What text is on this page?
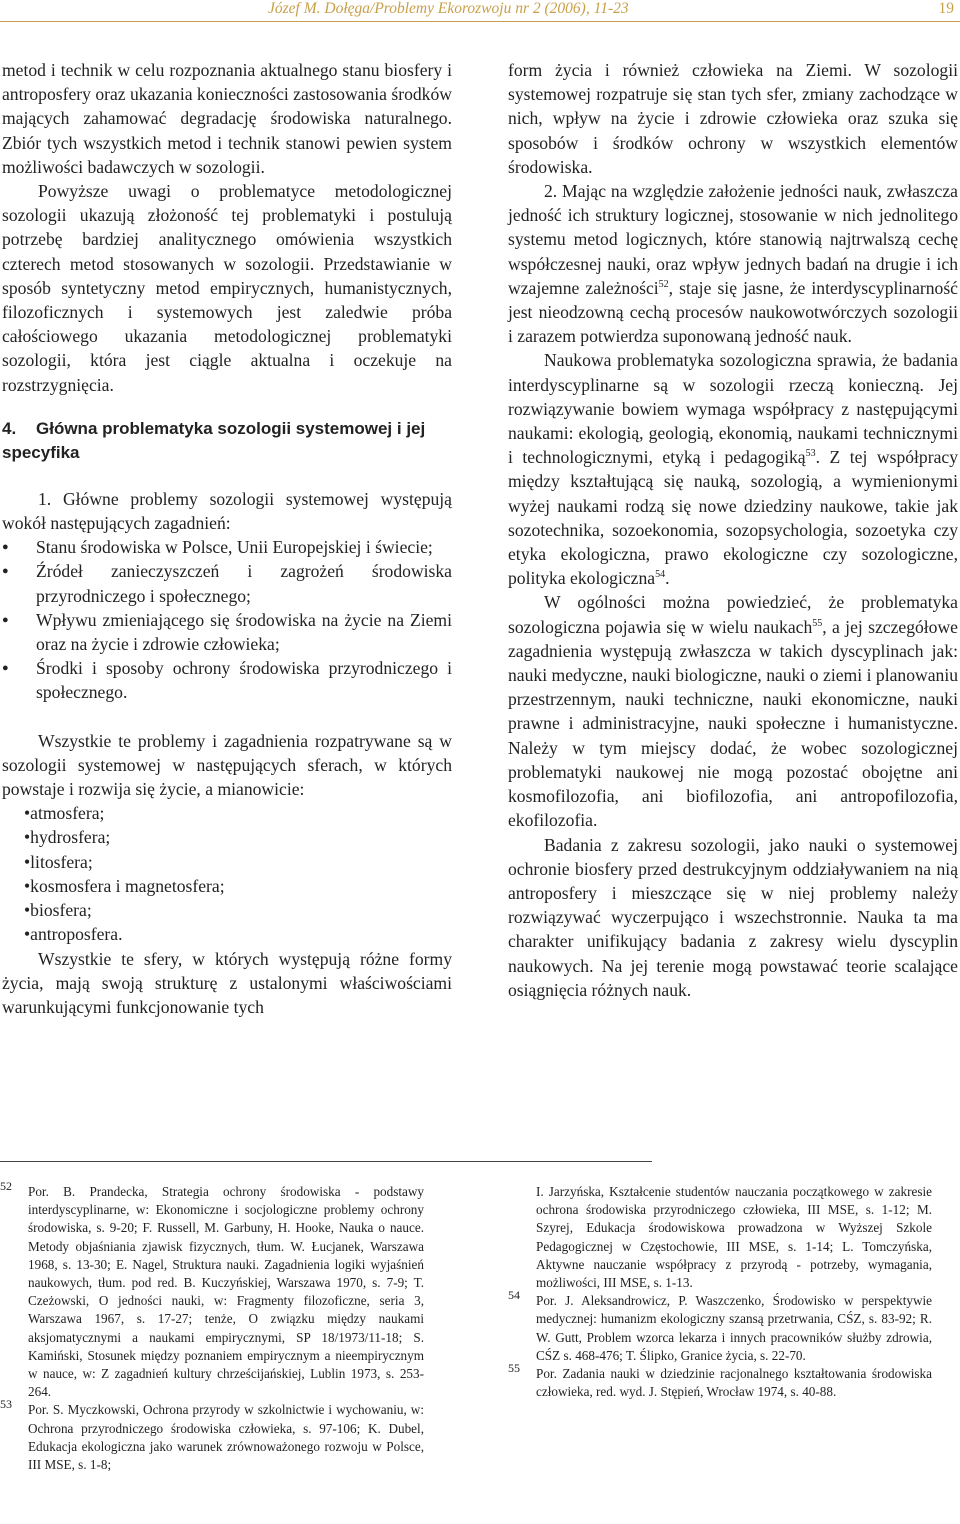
Józef M. Dołęga/Problemy Ekorozwoju nr 2 (2006), 11-23	19

metod i technik w celu rozpoznania aktualnego stanu biosfery i antroposfery oraz ukazania konieczności zastosowania środków mających zahamować degradację środowiska naturalnego. Zbiór tych wszystkich metod i technik stanowi pewien system możliwości badawczych w sozologii.

Powyższe uwagi o problematyce metodologicznej sozologii ukazują złożoność tej problematyki i postulują potrzebę bardziej analitycznego omówienia wszystkich czterech metod stosowanych w sozologii. Przedstawianie w sposób syntetyczny metod empirycznych, humanistycznych, filozoficznych i systemowych jest zaledwie próba całościowego ukazania metodologicznej problematyki sozologii, która jest ciągle aktualna i oczekuje na rozstrzygnięcia.

4. Główna problematyka sozologii systemowej i jej specyfika

1. Główne problemy sozologii systemowej występują wokół następujących zagadnień:

● Stanu środowiska w Polsce, Unii Europejskiej i świecie;
● Źródeł zanieczyszczeń i zagrożeń środowiska przyrodniczego i społecznego;
● Wpływu zmieniającego się środowiska na życie na Ziemi oraz na życie i zdrowie człowieka;
● Środki i sposoby ochrony środowiska przyrodniczego i społecznego.

Wszystkie te problemy i zagadnienia rozpatrywane są w sozologii systemowej w następujących sferach, w których powstaje i rozwija się życie, a mianowicie:

• atmosfera;
• hydrosfera;
• litosfera;
• kosmosfera i magnetosfera;
• biosfera;
• antroposfera.

Wszystkie te sfery, w których występują różne formy życia, mają swoją strukturę z ustalonymi właściwościami warunkującymi funkcjonowanie tych

form życia i również człowieka na Ziemi. W sozologii systemowej rozpatruje się stan tych sfer, zmiany zachodzące w nich, wpływ na życie i zdrowie człowieka oraz szuka się sposobów i środków ochrony w wszystkich elementów środowiska.

2. Mając na względzie założenie jedności nauk, zwłaszcza jedność ich struktury logicznej, stosowanie w nich jednolitego systemu metod logicznych, które stanowią najtrwalszą cechę współczesnej nauki, oraz wpływ jednych badań na drugie i ich wzajemne zależności$^{52}$, staje się jasne, że interdyscyplinarność jest nieodzowną cechą procesów naukowotwórczych sozologii i zarazem potwierdza suponowaną jedność nauk.

Naukowa problematyka sozologiczna sprawia, że badania interdyscyplinarne są w sozologii rzeczą konieczną. Jej rozwiązywanie bowiem wymaga współpracy z następującymi naukami: ekologią, geologią, ekonomią, naukami technicznymi i technologicznymi, etyką i pedagogiką$^{53}$. Z tej współpracy między kształtującą się nauką, sozologią, a wymienionymi wyżej naukami rodzą się nowe dziedziny naukowe, takie jak sozotechnika, sozoekonomia, sozopsychologia, sozoetyka czy etyka ekologiczna, prawo ekologiczne czy sozologiczne, polityka ekologiczna$^{54}$.

W ogólności można powiedzieć, że problematyka sozologiczna pojawia się w wielu naukach$^{55}$, a jej szczegółowe zagadnienia występują zwłaszcza w takich dyscyplinach jak: nauki medyczne, nauki biologiczne, nauki o ziemi i planowaniu przestrzennym, nauki techniczne, nauki ekonomiczne, nauki prawne i administracyjne, nauki społeczne i humanistyczne. Należy w tym miejscy dodać, że wobec sozologicznej problematyki naukowej nie mogą pozostać obojętne ani kosmofilozofia, ani biofilozofia, ani antropofilozofia, ekofilozofia.

Badania z zakresu sozologii, jako nauki o systemowej ochronie biosfery przed destrukcyjnym oddziaływaniem na nią antroposfery i mieszczące się w niej problemy należy rozwiązywać wyczerpująco i wszechstronnie. Nauka ta ma charakter unifikujący badania z zakresy wielu dyscyplin naukowych. Na jej terenie mogą powstawać teorie scalające osiągnięcia różnych nauk.

52 Por. B. Prandecka, Strategia ochrony środowiska - podstawy interdyscyplinarne, w: Ekonomiczne i socjologiczne problemy ochrony środowiska, s. 9-20; F. Russell, M. Garbuny, H. Hooke, Nauka o nauce. Metody objaśniania zjawisk fizycznych, tłum. W. Łucjanek, Warszawa 1968, s. 13-30; E. Nagel, Struktura nauki. Zagadnienia logiki wyjaśnień naukowych, tłum. pod red. B. Kuczyńskiej, Warszawa 1970, s. 7-9; T. Czeżowski, O jedności nauki, w: Fragmenty filozoficzne, seria 3, Warszawa 1967, s. 17-27; tenże, O związku między naukami aksjomatycznymi a naukami empirycznymi, SP 18/1973/11-18; S. Kamiński, Stosunek między poznaniem empirycznym a nieempirycznym w nauce, w: Z zagadnień kultury chrześcijańskiej, Lublin 1973, s. 253-264.

53 Por. S. Myczkowski, Ochrona przyrody w szkolnictwie i wychowaniu, w: Ochrona przyrodniczego środowiska człowieka, s. 97-106; K. Dubel, Edukacja ekologiczna jako warunek zrównoważonego rozwoju w Polsce, III MSE, s. 1-8;

I. Jarzyńska, Kształcenie studentów nauczania początkowego w zakresie ochrona środowiska przyrodniczego człowieka, III MSE, s. 1-12; M. Szyrej, Edukacja środowiskowa prowadzona w Wyższej Szkole Pedagogicznej w Częstochowie, III MSE, s. 1-14; L. Tomczyńska, Aktywne nauczanie współpracy z przyrodą - potrzeby, wymagania, możliwości, III MSE, s. 1-13.

54 Por. J. Aleksandrowicz, P. Waszczenko, Środowisko w perspektywie medycznej: humanizm ekologiczny szansą przetrwania, CŚZ, s. 83-92; R. W. Gutt, Problem wzorca lekarza i innych pracowników służby zdrowia, CŚZ s. 468-476; T. Ślipko, Granice życia, s. 22-70.

55 Por. Zadania nauki w dziedzinie racjonalnego kształtowania środowiska człowieka, red. wyd. J. Stępień, Wrocław 1974, s. 40-88.
